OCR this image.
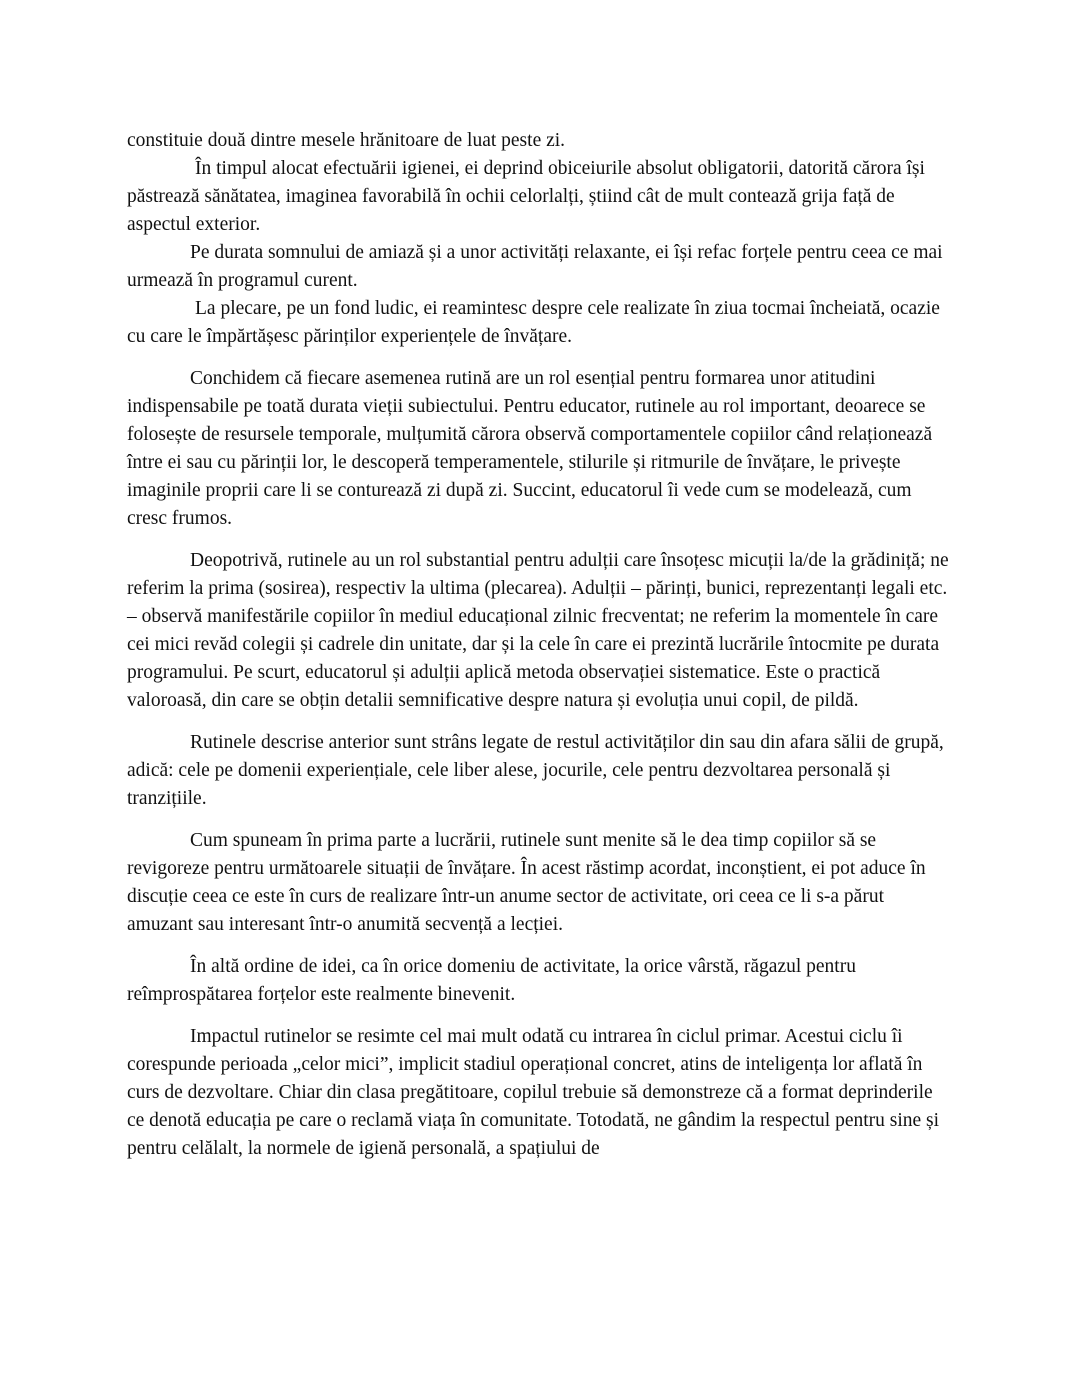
constituie două dintre mesele hrănitoare de luat peste zi.

În timpul alocat efectuării igienei, ei deprind obiceiurile absolut obligatorii, datorită cărora își păstrează sănătatea, imaginea favorabilă în ochii celorlalți, știind cât de mult contează grija față de aspectul exterior.

Pe durata somnului de amiază și a unor activități relaxante, ei își refac forțele pentru ceea ce mai urmează în programul curent.

La plecare, pe un fond ludic, ei reamintesc despre cele realizate în ziua tocmai încheiată, ocazie cu care le împărtășesc părinților experiențele de învățare.

Conchidem că fiecare asemenea rutină are un rol esențial pentru formarea unor atitudini indispensabile pe toată durata vieții subiectului. Pentru educator, rutinele au rol important, deoarece se folosește de resursele temporale, mulțumită cărora observă comportamentele copiilor când relaționează între ei sau cu părinții lor, le descoperă temperamentele, stilurile și ritmurile de învățare, le privește imaginile proprii care li se conturează zi după zi. Succint, educatorul îi vede cum se modelează, cum cresc frumos.

Deopotrivă, rutinele au un rol substantial pentru adulții care însoțesc micuții la/de la grădiniță; ne referim la prima (sosirea), respectiv la ultima (plecarea). Adulții – părinți, bunici, reprezentanți legali etc. – observă manifestările copiilor în mediul educațional zilnic frecventat; ne referim la momentele în care cei mici revăd colegii și cadrele din unitate, dar și la cele în care ei prezintă lucrările întocmite pe durata programului. Pe scurt, educatorul și adulții aplică metoda observației sistematice. Este o practică valoroasă, din care se obțin detalii semnificative despre natura și evoluția unui copil, de pildă.

Rutinele descrise anterior sunt strâns legate de restul activităților din sau din afara sălii de grupă, adică: cele pe domenii experiențiale, cele liber alese, jocurile, cele pentru dezvoltarea personală și tranzițiile.

Cum spuneam în prima parte a lucrării, rutinele sunt menite să le dea timp copiilor să se revigoreze pentru următoarele situații de învățare. În acest răstimp acordat, inconștient, ei pot aduce în discuție ceea ce este în curs de realizare într-un anume sector de activitate, ori ceea ce li s-a părut amuzant sau interesant într-o anumită secvență a lecției.

În altă ordine de idei, ca în orice domeniu de activitate, la orice vârstă, răgazul pentru reîmprospătarea forțelor este realmente binevenit.

Impactul rutinelor se resimte cel mai mult odată cu intrarea în ciclul primar. Acestui ciclu îi corespunde perioada „celor mici”, implicit stadiul operațional concret, atins de inteligența lor aflată în curs de dezvoltare. Chiar din clasa pregătitoare, copilul trebuie să demonstreze că a format deprinderile ce denotă educația pe care o reclamă viața în comunitate. Totodată, ne gândim la respectul pentru sine și pentru celălalt, la normele de igienă personală, a spațiului de
